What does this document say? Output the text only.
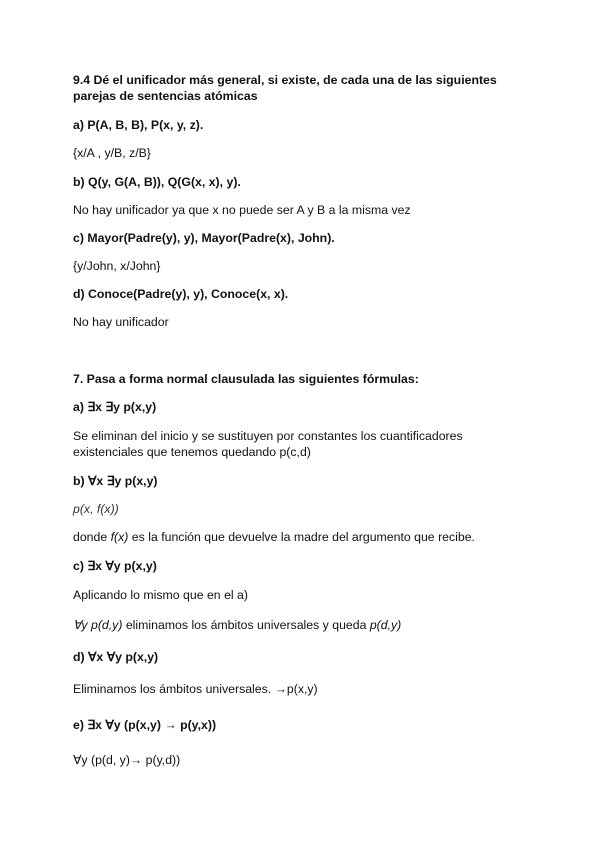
9.4 Dé el unificador más general, si existe, de cada una de las siguientes parejas de sentencias atómicas

a) P(A, B, B), P(x, y, z).

{x/A , y/B, z/B}

b) Q(y, G(A, B)), Q(G(x, x), y).

No hay unificador ya que x no puede ser A y B a la misma vez

c) Mayor(Padre(y), y), Mayor(Padre(x), John).

{y/John, x/John}

d) Conoce(Padre(y), y), Conoce(x, x).

No hay unificador

7. Pasa a forma normal clausulada las siguientes fórmulas:

a) ∃x ∃y p(x,y)

Se eliminan del inicio y se sustituyen por constantes los cuantificadores existenciales que tenemos quedando p(c,d)

b) ∀x ∃y p(x,y)

p(x, f(x))

donde f(x) es la función que devuelve la madre del argumento que recibe.

c) ∃x ∀y p(x,y)

Aplicando lo mismo que en el a)

∀y p(d,y) eliminamos los ámbitos universales y queda p(d,y)

d) ∀x ∀y p(x,y)

Eliminamos los ámbitos universales. →p(x,y)

e) ∃x ∀y (p(x,y) → p(y,x))

∀y (p(d, y)→ p(y,d))
